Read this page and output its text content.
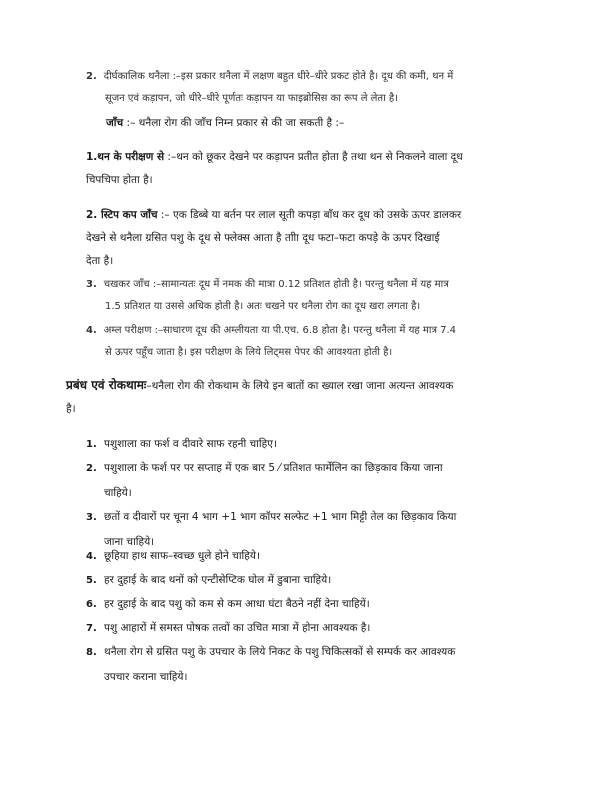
2. दीर्घकालिक थनैला :–इस प्रकार थनैला में लक्षण बहुत धीरे–धीरे प्रकट होते है। दूध की कमी, थन में
सूजन एवं कड़ापन, जो धीरे–धीरे पूर्णतः कड़ापन या फाइब्रोसिस का रूप ले लेता है।
जाँच :– थनैला रोग की जाँच निम्न प्रकार से की जा सकती है :–
1.थन के परीक्षण से :–थन को छूकर देखने पर कड़ापन प्रतीत होता है तथा थन से निकलने वाला दूध
चिपचिपा होता है।
2. स्टिप कप जाँच :– एक डिब्बे या बर्तन पर लाल सूती कपड़ा बाँध कर दूध को उसके ऊपर डालकर
देखने से थनैला ग्रसित पशु के दूध से फ्लेक्स आता है ताीा दूध फटा–फटा कपड़े के ऊपर दिखाई
देता है।
3. चखकर जाँच :–सामान्यतः दूध में नमक की मात्रा 0.12 प्रतिशत होती है। परन्तु थनैला में यह मात्र
1.5 प्रतिशत या उससे अधिक होती है। अतः चखने पर थनैला रोग का दूध खरा लगता है।
4. अम्ल परीक्षण :–साधारण दूध की अम्लीयता या पी.एच. 6.8 होता है। परन्तु थनैला में यह मात्र 7.4
से ऊपर पहूँच जाता है। इस परीक्षण के लिये लिट्मस पेपर की आवश्यता होती है।
प्रबंध एवं रोकथामः–थनैला रोग की रोकथाम के लिये इन बातों का ख्याल रखा जाना अत्यन्त आवश्यक
है।
1. पशुशाला का फर्श व दीवारे साफ रहनी चाहिए।
2. पशुशाला के फर्श पर पर सप्ताह में एक बार 5 ⁄ प्रतिशत फार्मेलिन का छिड़काव किया जाना
चाहिये।
3. छतों व दीवारों पर चूना 4 भाग +1 भाग कॉपर सल्फेट +1 भाग मिट्टी तेल का छिड़काव किया
जाना चाहिये।
4. छूहिया हाथ साफ–स्वच्छ धुले होने चाहिये।
5. हर दुहाई के बाद थनों को एन्टीसेप्टिक घोल में डुबाना चाहिये।
6. हर दुहाई के बाद पशु को कम से कम आधा घंटा बैठने नहीं देना चाहियें।
7. पशु आहारों में समस्त पोषक तत्वों का उचित मात्रा में होना आवश्यक है।
8. थनैला रोग से ग्रसित पशु के उपचार के लिये निकट के पशु चिकित्सकों से सम्पर्क कर आवश्यक
उपचार कराना चाहिये।
